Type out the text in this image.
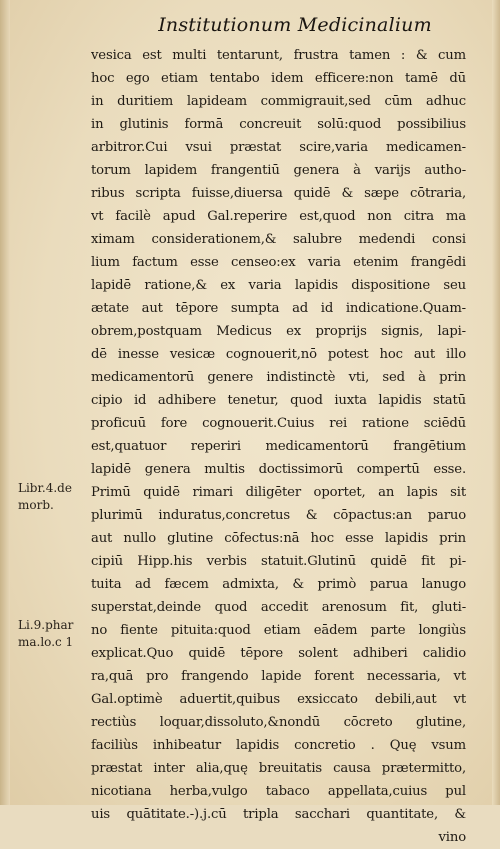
Institutionum Medicinalium
vesica est multi tentarunt, frustra tamen : & cum
hoc ego etiam tentabo idem efficere:non tamē dū
in duritiem lapideam commigrauit,sed cūm adhuc
in glutinis formā concreuit solū:quod possibilius
arbitror.Cui vsui præstat scire,varia medicamen-
torum lapidem frangentiū genera à varijs autho-
ribus scripta fuisse,diuersa quidē & sæpe cōtraria,
vt facilè apud Gal.reperire est,quod non citra ma
ximam considerationem,& salubre medendi consi
lium factum esse censeo:ex varia etenim frangēdi
lapidē ratione,& ex varia lapidis dispositione seu
ætate aut tēpore sumpta ad id indicatione.Quam-
obrem,postquam Medicus ex proprijs signis, lapi-
dē inesse vesicæ cognouerit,nō potest hoc aut illo
medicamentorū genere indistinctè vti, sed à prin
cipio id adhibere tenetur, quod iuxta lapidis statū
proficuū fore cognouerit.Cuius rei ratione sciēdū
est,quatuor reperiri medicamentorū frangētium
lapidē genera multis doctissimorū compertū esse.
Primū quidē rimari diligēter oportet, an lapis sit
plurimū induratus,concretus & cōpactus:an paruo
aut nullo glutine cōfectus:nā hoc esse lapidis prin
cipiū Hipp.his verbis statuit.Glutinū quidē fit pi-
tuita ad fæcem admixta, & primò parua lanugo
superstat,deinde quod accedit arenosum fit, gluti-
no fiente pituita:quod etiam eādem parte longiùs
explicat.Quo quidē tēpore solent adhiberi calidio
ra,quā pro frangendo lapide forent necessaria, vt
Gal.optimè aduertit,quibus exsiccato debili,aut vt
rectiùs loquar,dissoluto,&nondū cōcreto glutine,
faciliùs inhibeatur lapidis concretio . Quę vsum
præstat inter alia,quę breuitatis causa prætermitto,
nicotiana herba,vulgo tabaco appellata,cuius pul
uis quātitate.-).j.cū tripla sacchari quantitate, &
vino
Libr.4.de
morb.
Li.9.phar
ma.lo.c 1
